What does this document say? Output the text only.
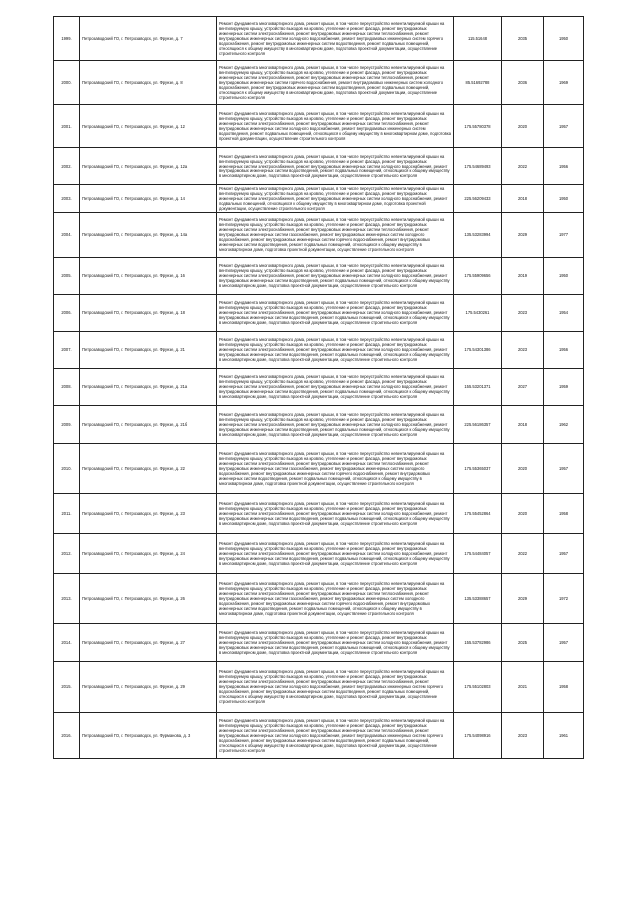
1999.	Петрозаводский ГО, г. Петрозаводск, ул. Фрунзе, д. 7	Ремонт фундамента многоквартирного дома, ремонт крыши, в том числе переустройство невентилируемой крыши на вентилируемую крышу, устройство выходов на кровлю, утепление и ремонт фасада, ремонт внутридомовых инженерных систем электроснабжения, ремонт внутридомовых инженерных систем теплоснабжения, ремонт внутридомовых инженерных систем холодного водоснабжения, ремонт внутридомовых инженерных систем горячего водоснабжения, ремонт внутридомовых инженерных систем водоотведения, ремонт подвальных помещений, относящихся к общему имуществу в многоквартирном доме, подготовка проектной документации, осуществление строительного контроля	115.51648	2035	1950
2000.	Петрозаводский ГО, г. Петрозаводск, ул. Фрунзе, д. 8	Ремонт фундамента многоквартирного дома, ремонт крыши, в том числе переустройство невентилируемой крыши на вентилируемую крышу, устройство выходов на кровлю, утепление и ремонт фасада, ремонт внутридомовых инженерных систем электроснабжения, ремонт внутридомовых инженерных систем теплоснабжения, ремонт внутридомовых инженерных систем горячего водоснабжения, ремонт внутридомовых инженерных систем холодного водоснабжения, ремонт внутридомовых инженерных систем водоотведения, ремонт подвальных помещений, относящихся к общему имуществу в многоквартирном доме, подготовка проектной документации, осуществление строительного контроля	85.51692788	2036	1969
2001.	Петрозаводский ГО, г. Петрозаводск, ул. Фрунзе, д. 12	Ремонт фундамента многоквартирного дома, ремонт крыши, в том числе переустройство невентилируемой крыши на вентилируемую крышу, устройство выходов на кровлю, утепление и ремонт фасада, ремонт внутридомовых инженерных систем электроснабжения, ремонт внутридомовых инженерных систем теплоснабжения, ремонт внутридомовых инженерных систем холодного водоснабжения, ремонт внутридомовых инженерных систем водоотведения, ремонт подвальных помещений, относящихся к общему имуществу в многоквартирном доме, подготовка проектной документации, осуществление строительного контроля	175.55780378	2020	1957
2002.	Петрозаводский ГО, г. Петрозаводск, ул. Фрунзе, д. 12а	Ремонт фундамента многоквартирного дома, ремонт крыши, в том числе переустройство невентилируемой крыши на вентилируемую крышу, устройство выходов на кровлю, утепление и ремонт фасада, ремонт внутридомовых инженерных систем электроснабжения, ремонт внутридомовых инженерных систем холодного водоснабжения, ремонт внутридомовых инженерных систем водоотведения, ремонт подвальных помещений, относящихся к общему имуществу в многоквартирном доме, подготовка проектной документации, осуществление строительного контроля	175.54689493	2022	1956
2003.	Петрозаводский ГО, г. Петрозаводск, ул. Фрунзе, д. 14	Ремонт фундамента многоквартирного дома, ремонт крыши, в том числе переустройство невентилируемой крыши на вентилируемую крышу, устройство выходов на кровлю, утепление и ремонт фасада, ремонт внутридомовых инженерных систем электроснабжения, ремонт внутридомовых инженерных систем холодного водоснабжения, ремонт подвальных помещений, относящихся к общему имуществу в многоквартирном доме, подготовка проектной документации, осуществление строительного контроля	225.56209433	2018	1950
2004.	Петрозаводский ГО, г. Петрозаводск, ул. Фрунзе, д. 14а	Ремонт фундамента многоквартирного дома, ремонт крыши, в том числе переустройство невентилируемой крыши на вентилируемую крышу, устройство выходов на кровлю, утепление и ремонт фасада, ремонт внутридомовых инженерных систем электроснабжения, ремонт внутридомовых инженерных систем теплоснабжения, ремонт внутридомовых инженерных систем газоснабжения, ремонт внутридомовых инженерных систем холодного водоснабжения, ремонт внутридомовых инженерных систем горячего водоснабжения, ремонт внутридомовых инженерных систем водоотведения, ремонт подвальных помещений, относящихся к общему имуществу в многоквартирном доме, подготовка проектной документации, осуществление строительного контроля	135.53283994	2029	1977
2005.	Петрозаводский ГО, г. Петрозаводск, ул. Фрунзе, д. 16	Ремонт фундамента многоквартирного дома, ремонт крыши, в том числе переустройство невентилируемой крыши на вентилируемую крышу, устройство выходов на кровлю, утепление и ремонт фасада, ремонт внутридомовых инженерных систем электроснабжения, ремонт внутридомовых инженерных систем холодного водоснабжения, ремонт внутридомовых инженерных систем водоотведения, ремонт подвальных помещений, относящихся к общему имуществу в многоквартирном доме, подготовка проектной документации, осуществление строительного контроля	175.55909656	2019	1950
2006.	Петрозаводский ГО, г. Петрозаводск, ул. Фрунзе, д. 18	Ремонт фундамента многоквартирного дома, ремонт крыши, в том числе переустройство невентилируемой крыши на вентилируемую крышу, устройство выходов на кровлю, утепление и ремонт фасада, ремонт внутридомовых инженерных систем электроснабжения, ремонт внутридомовых инженерных систем холодного водоснабжения, ремонт внутридомовых инженерных систем водоотведения, ремонт подвальных помещений, относящихся к общему имуществу в многоквартирном доме, подготовка проектной документации, осуществление строительного контроля	175.5430261	2023	1954
2007.	Петрозаводский ГО, г. Петрозаводск, ул. Фрунзе, д. 21	Ремонт фундамента многоквартирного дома, ремонт крыши, в том числе переустройство невентилируемой крыши на вентилируемую крышу, устройство выходов на кровлю, утепление и ремонт фасада, ремонт внутридомовых инженерных систем электроснабжения, ремонт внутридомовых инженерных систем холодного водоснабжения, ремонт внутридомовых инженерных систем водоотведения, ремонт подвальных помещений, относящихся к общему имуществу в многоквартирном доме, подготовка проектной документации, осуществление строительного контроля	175.54301386	2023	1956
2008.	Петрозаводский ГО, г. Петрозаводск, ул. Фрунзе, д. 21а	Ремонт фундамента многоквартирного дома, ремонт крыши, в том числе переустройство невентилируемой крыши на вентилируемую крышу, устройство выходов на кровлю, утепление и ремонт фасада, ремонт внутридомовых инженерных систем электроснабжения, ремонт внутридомовых инженерных систем холодного водоснабжения, ремонт внутридомовых инженерных систем водоотведения, ремонт подвальных помещений, относящихся к общему имуществу в многоквартирном доме, подготовка проектной документации, осуществление строительного контроля	155.53201371	2027	1959
2009.	Петрозаводский ГО, г. Петрозаводск, ул. Фрунзе, д. 21б	Ремонт фундамента многоквартирного дома, ремонт крыши, в том числе переустройство невентилируемой крыши на вентилируемую крышу, устройство выходов на кровлю, утепление и ремонт фасада, ремонт внутридомовых инженерных систем электроснабжения, ремонт внутридомовых инженерных систем холодного водоснабжения, ремонт внутридомовых инженерных систем водоотведения, ремонт подвальных помещений, относящихся к общему имуществу в многоквартирном доме, подготовка проектной документации, осуществление строительного контроля	225.56186357	2018	1962
2010.	Петрозаводский ГО, г. Петрозаводск, ул. Фрунзе, д. 22	Ремонт фундамента многоквартирного дома, ремонт крыши, в том числе переустройство невентилируемой крыши на вентилируемую крышу, устройство выходов на кровлю, утепление и ремонт фасада, ремонт внутридомовых инженерных систем электроснабжения, ремонт внутридомовых инженерных систем теплоснабжения, ремонт внутридомовых инженерных систем газоснабжения, ремонт внутридомовых инженерных систем холодного водоснабжения, ремонт внутридомовых инженерных систем горячего водоснабжения, ремонт внутридомовых инженерных систем водоотведения, ремонт подвальных помещений, относящихся к общему имуществу в многоквартирном доме, подготовка проектной документации, осуществление строительного контроля	175.55365037	2020	1957
2011.	Петрозаводский ГО, г. Петрозаводск, ул. Фрунзе, д. 23	Ремонт фундамента многоквартирного дома, ремонт крыши, в том числе переустройство невентилируемой крыши на вентилируемую крышу, устройство выходов на кровлю, утепление и ремонт фасада, ремонт внутридомовых инженерных систем электроснабжения, ремонт внутридомовых инженерных систем холодного водоснабжения, ремонт внутридомовых инженерных систем водоотведения, ремонт подвальных помещений, относящихся к общему имуществу в многоквартирном доме, подготовка проектной документации, осуществление строительного контроля	175.55452864	2020	1958
2012.	Петрозаводский ГО, г. Петрозаводск, ул. Фрунзе, д. 24	Ремонт фундамента многоквартирного дома, ремонт крыши, в том числе переустройство невентилируемой крыши на вентилируемую крышу, устройство выходов на кровлю, утепление и ремонт фасада, ремонт внутридомовых инженерных систем электроснабжения, ремонт внутридомовых инженерных систем холодного водоснабжения, ремонт внутридомовых инженерных систем водоотведения, ремонт подвальных помещений, относящихся к общему имуществу в многоквартирном доме, подготовка проектной документации, осуществление строительного контроля	175.54484057	2022	1957
2013.	Петрозаводский ГО, г. Петрозаводск, ул. Фрунзе, д. 26	Ремонт фундамента многоквартирного дома, ремонт крыши, в том числе переустройство невентилируемой крыши на вентилируемую крышу, устройство выходов на кровлю, утепление и ремонт фасада, ремонт внутридомовых инженерных систем электроснабжения, ремонт внутридомовых инженерных систем теплоснабжения, ремонт внутридомовых инженерных систем газоснабжения, ремонт внутридомовых инженерных систем холодного водоснабжения, ремонт внутридомовых инженерных систем горячего водоснабжения, ремонт внутридомовых инженерных систем водоотведения, ремонт подвальных помещений, относящихся к общему имуществу в многоквартирном доме, подготовка проектной документации, осуществление строительного контроля	135.53388657	2029	1972
2014.	Петрозаводский ГО, г. Петрозаводск, ул. Фрунзе, д. 27	Ремонт фундамента многоквартирного дома, ремонт крыши, в том числе переустройство невентилируемой крыши на вентилируемую крышу, устройство выходов на кровлю, утепление и ремонт фасада, ремонт внутридомовых инженерных систем электроснабжения, ремонт внутридомовых инженерных систем холодного водоснабжения, ремонт внутридомовых инженерных систем водоотведения, ремонт подвальных помещений, относящихся к общему имуществу в многоквартирном доме, подготовка проектной документации, осуществление строительного контроля	155.53782986	2025	1957
2015.	Петрозаводский ГО, г. Петрозаводск, ул. Фрунзе, д. 29	Ремонт фундамента многоквартирного дома, ремонт крыши, в том числе переустройство невентилируемой крыши на вентилируемую крышу, устройство выходов на кровлю, утепление и ремонт фасада, ремонт внутридомовых инженерных систем электроснабжения, ремонт внутридомовых инженерных систем теплоснабжения, ремонт внутридомовых инженерных систем холодного водоснабжения, ремонт внутридомовых инженерных систем горячего водоснабжения, ремонт внутридомовых инженерных систем водоотведения, ремонт подвальных помещений, относящихся к общему имуществу в многоквартирном доме, подготовка проектной документации, осуществление строительного контроля	175.55102803	2021	1958
2016.	Петрозаводский ГО, г. Петрозаводск, ул. Фурманова, д. 3	Ремонт фундамента многоквартирного дома, ремонт крыши, в том числе переустройство невентилируемой крыши на вентилируемую крышу, устройство выходов на кровлю, утепление и ремонт фасада, ремонт внутридомовых инженерных систем электроснабжения, ремонт внутридомовых инженерных систем теплоснабжения, ремонт внутридомовых инженерных систем холодного водоснабжения, ремонт внутридомовых инженерных систем горячего водоснабжения, ремонт внутридомовых инженерных систем водоотведения, ремонт подвальных помещений, относящихся к общему имуществу в многоквартирном доме, подготовка проектной документации, осуществление строительного контроля	175.54098916	2023	1961
